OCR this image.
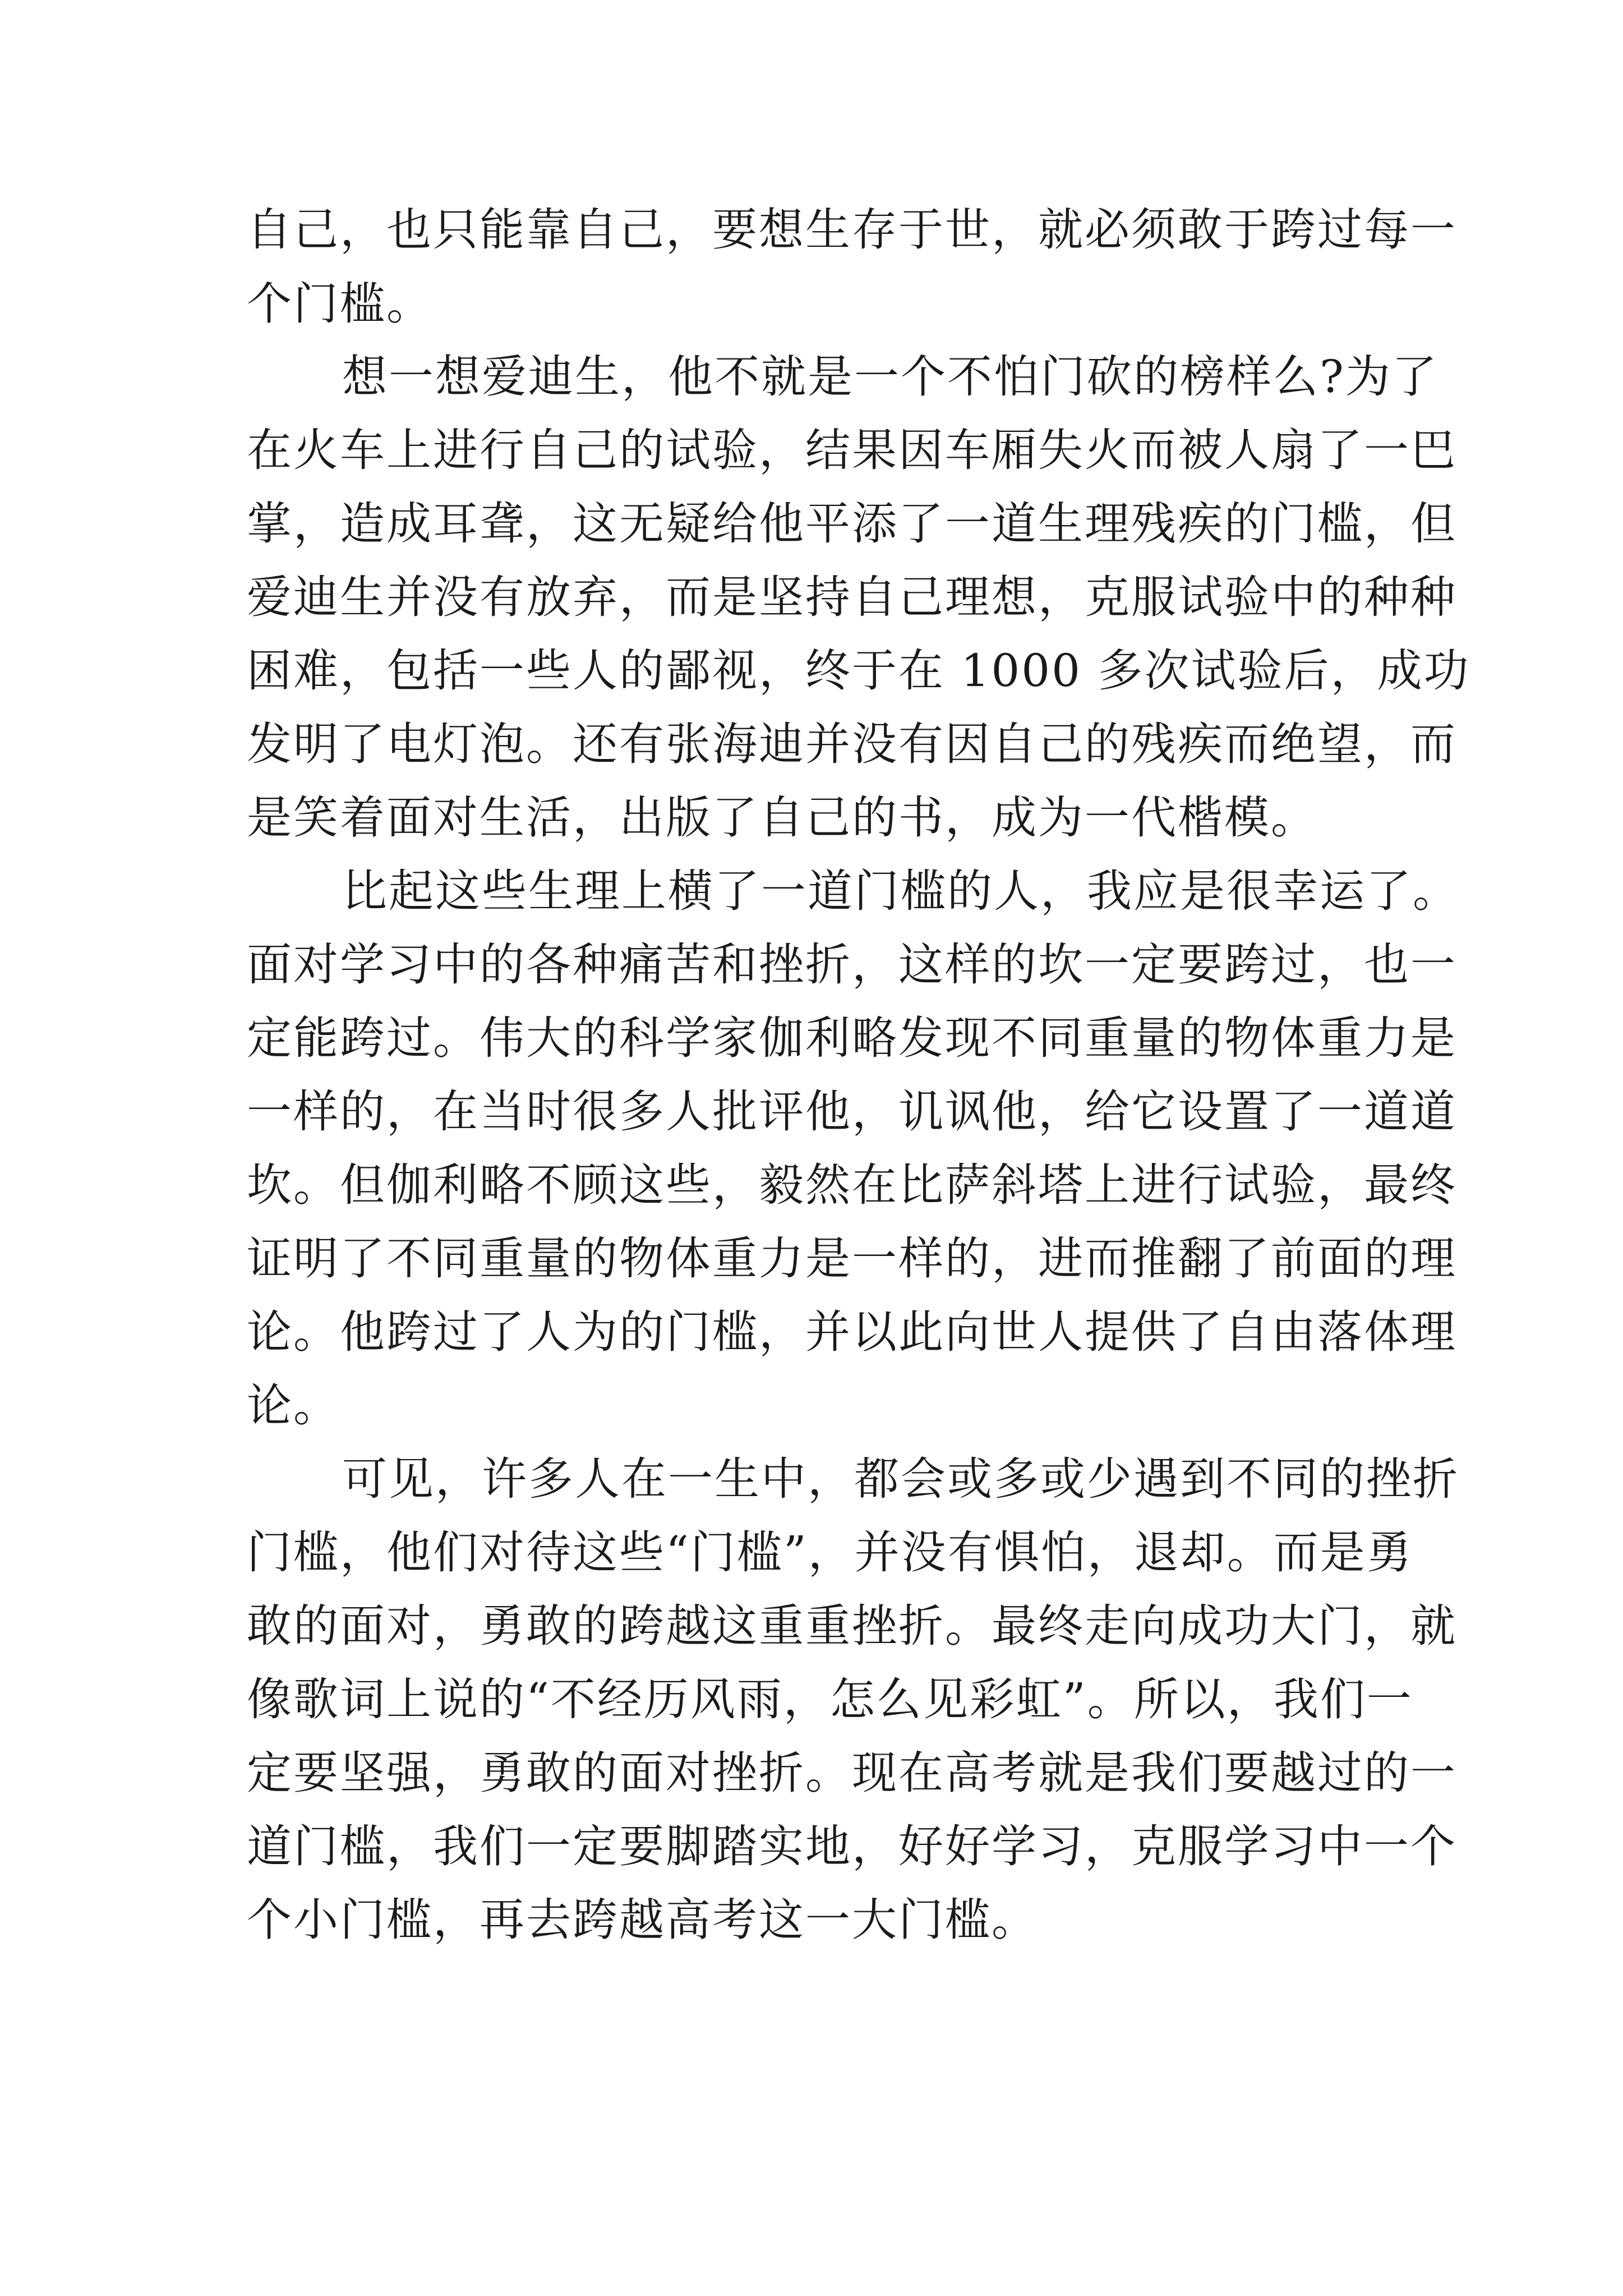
自己，也只能靠自己，要想生存于世，就必须敢于跨过每一
个门槛。
想一想爱迪生，他不就是一个不怕门砍的榜样么?为了
在火车上进行自己的试验，结果因车厢失火而被人扇了一巴
掌，造成耳聋，这无疑给他平添了一道生理残疾的门槛，但
爱迪生并没有放弃，而是坚持自己理想，克服试验中的种种
困难，包括一些人的鄙视，终于在 1000 多次试验后，成功
发明了电灯泡。还有张海迪并没有因自己的残疾而绝望，而
是笑着面对生活，出版了自己的书，成为一代楷模。
比起这些生理上横了一道门槛的人，我应是很幸运了。
面对学习中的各种痛苦和挫折，这样的坎一定要跨过，也一
定能跨过。伟大的科学家伽利略发现不同重量的物体重力是
一样的，在当时很多人批评他，讥讽他，给它设置了一道道
坎。但伽利略不顾这些，毅然在比萨斜塔上进行试验，最终
证明了不同重量的物体重力是一样的，进而推翻了前面的理
论。他跨过了人为的门槛，并以此向世人提供了自由落体理
论。
可见，许多人在一生中，都会或多或少遇到不同的挫折
门槛，他们对待这些“门槛”，并没有惧怕，退却。而是勇
敢的面对，勇敢的跨越这重重挫折。最终走向成功大门，就
像歌词上说的“不经历风雨，怎么见彩虹”。所以，我们一
定要坚强，勇敢的面对挫折。现在高考就是我们要越过的一
道门槛，我们一定要脚踏实地，好好学习，克服学习中一个
个小门槛，再去跨越高考这一大门槛。
